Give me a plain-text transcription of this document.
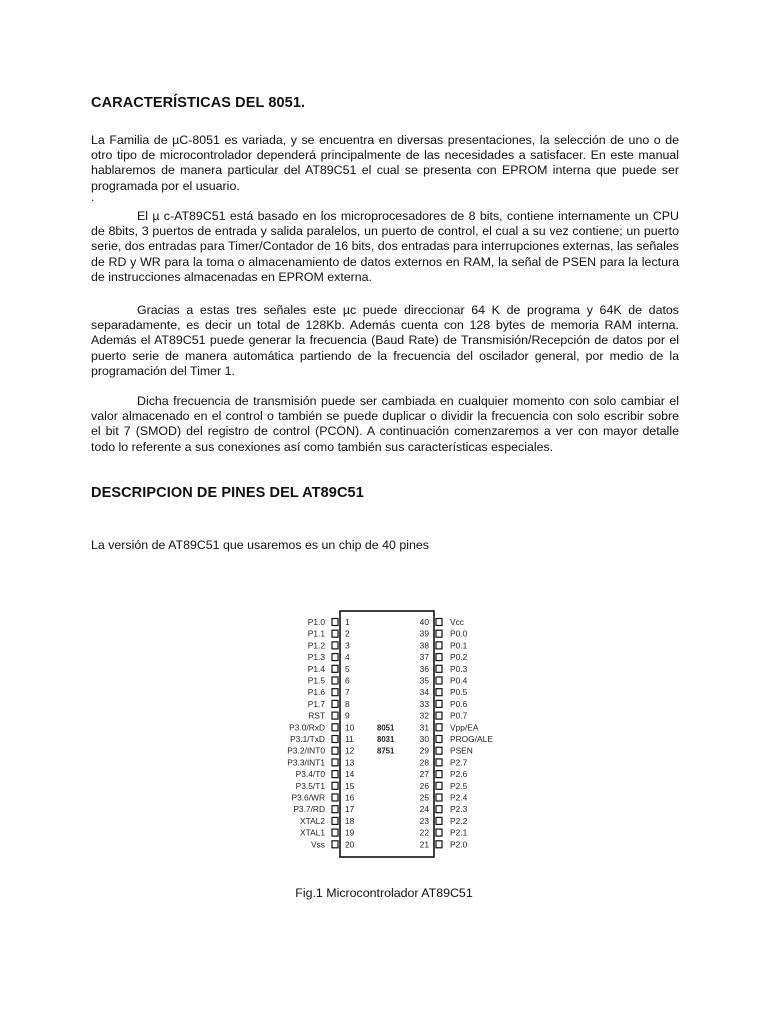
CARACTERÍSTICAS DEL 8051.

La Familia de µC-8051 es variada, y se encuentra en diversas presentaciones, la selección de uno o de otro tipo de microcontrolador dependerá principalmente de las necesidades a satisfacer. En este manual hablaremos de manera particular del AT89C51 el cual se presenta con EPROM interna que puede ser programada por el usuario.

.

El µ c-AT89C51 está basado en los microprocesadores de 8 bits, contiene internamente un CPU de 8bits, 3 puertos de entrada y salida paralelos, un puerto de control, el cual a su vez contiene; un puerto serie, dos entradas para Timer/Contador de 16 bits, dos entradas para interrupciones externas, las señales de RD y WR para la toma o almacenamiento de datos externos en RAM, la señal de PSEN para la lectura de instrucciones almacenadas en EPROM externa.

Gracias a estas tres señales este µc puede direccionar 64 K de programa y 64K de datos separadamente, es decir un total de 128Kb. Además cuenta con 128 bytes de memoria RAM interna. Además el AT89C51 puede generar la frecuencia (Baud Rate) de Transmisión/Recepción de datos por el puerto serie de manera automática partiendo de la frecuencia del oscilador general, por medio de la programación del Timer 1.

Dicha frecuencia de transmisión puede ser cambiada en cualquier momento con solo cambiar el valor almacenado en el control o también se puede duplicar o dividir la frecuencia con solo escribir sobre el bit 7 (SMOD) del registro de control (PCON). A continuación comenzaremos a ver con mayor detalle todo lo referente a sus conexiones así como también sus características especiales.

DESCRIPCION DE PINES DEL AT89C51

La versión de AT89C51 que usaremos es un chip de 40 pines

P1.0 1
P1.1 2
P1.2 3
P1.3 4
P1.4 5
P1.5 6
P1.6 7
P1.7 8
RST 9
P3.0/RxD 10
P3.1/TxD 11
P3.2/INT0 12
P3.3/INT1 13
P3.4/T0 14
P3.5/T1 15
P3.6/WR 16
P3.7/RD 17
XTAL2 18
XTAL1 19
Vss 20
40	Vcc
39	P0.0
38	P0.1
37	P0.2
36	P0.3
35	P0.4
34	P0.5
33	P0.6
32	P0.7
31	Vpp/EA
30	PROG/ALE
29	PSEN
28	P2.7
27	P2.6
26	P2.5
25	P2.4
24	P2.3
23	P2.2
22	P2.1
21	P2.0
8051
8031
8751

Fig.1 Microcontrolador AT89C51
